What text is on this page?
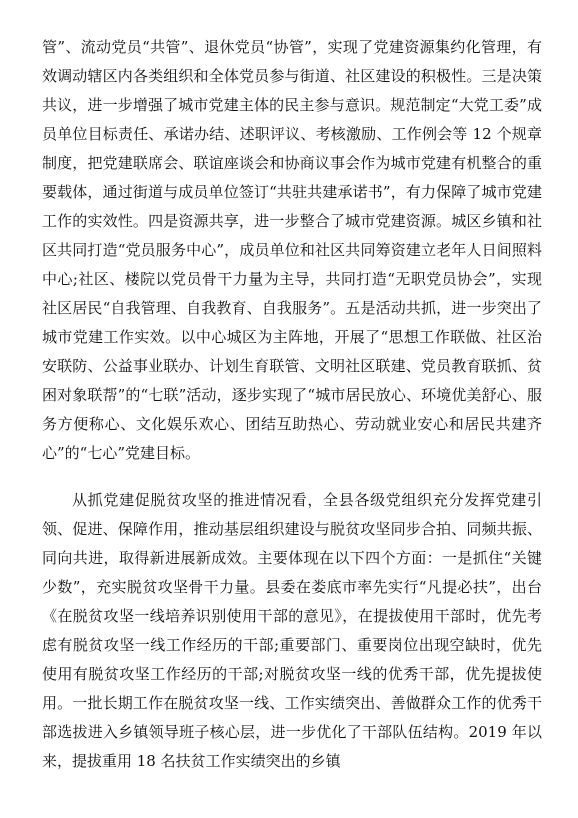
管”、流动党员“共管”、退休党员“协管”，实现了党建资源集约化管理，有效调动辖区内各类组织和全体党员参与街道、社区建设的积极性。三是决策共议，进一步增强了城市党建主体的民主参与意识。规范制定“大党工委”成员单位目标责任、承诺办结、述职评议、考核激励、工作例会等 12 个规章制度，把党建联席会、联谊座谈会和协商议事会作为城市党建有机整合的重要载体，通过街道与成员单位签订“共驻共建承诺书”，有力保障了城市党建工作的实效性。四是资源共享，进一步整合了城市党建资源。城区乡镇和社区共同打造“党员服务中心”，成员单位和社区共同筹资建立老年人日间照料中心;社区、楼院以党员骨干力量为主导，共同打造“无职党员协会”，实现社区居民“自我管理、自我教育、自我服务”。五是活动共抓，进一步突出了城市党建工作实效。以中心城区为主阵地，开展了“思想工作联做、社区治安联防、公益事业联办、计划生育联管、文明社区联建、党员教育联抓、贫困对象联帮”的“七联”活动，逐步实现了“城市居民放心、环境优美舒心、服务方便称心、文化娱乐欢心、团结互助热心、劳动就业安心和居民共建齐心”的“七心”党建目标。

从抓党建促脱贫攻坚的推进情况看，全县各级党组织充分发挥党建引领、促进、保障作用，推动基层组织建设与脱贫攻坚同步合拍、同频共振、同向共进，取得新进展新成效。主要体现在以下四个方面：一是抓住“关键少数”，充实脱贫攻坚骨干力量。县委在娄底市率先实行“凡提必扶”，出台《在脱贫攻坚一线培养识别使用干部的意见》，在提拔使用干部时，优先考虑有脱贫攻坚一线工作经历的干部;重要部门、重要岗位出现空缺时，优先使用有脱贫攻坚工作经历的干部;对脱贫攻坚一线的优秀干部，优先提拔使用。一批长期工作在脱贫攻坚一线、工作实绩突出、善做群众工作的优秀干部选拔进入乡镇领导班子核心层，进一步优化了干部队伍结构。2019 年以来，提拔重用 18 名扶贫工作实绩突出的乡镇
